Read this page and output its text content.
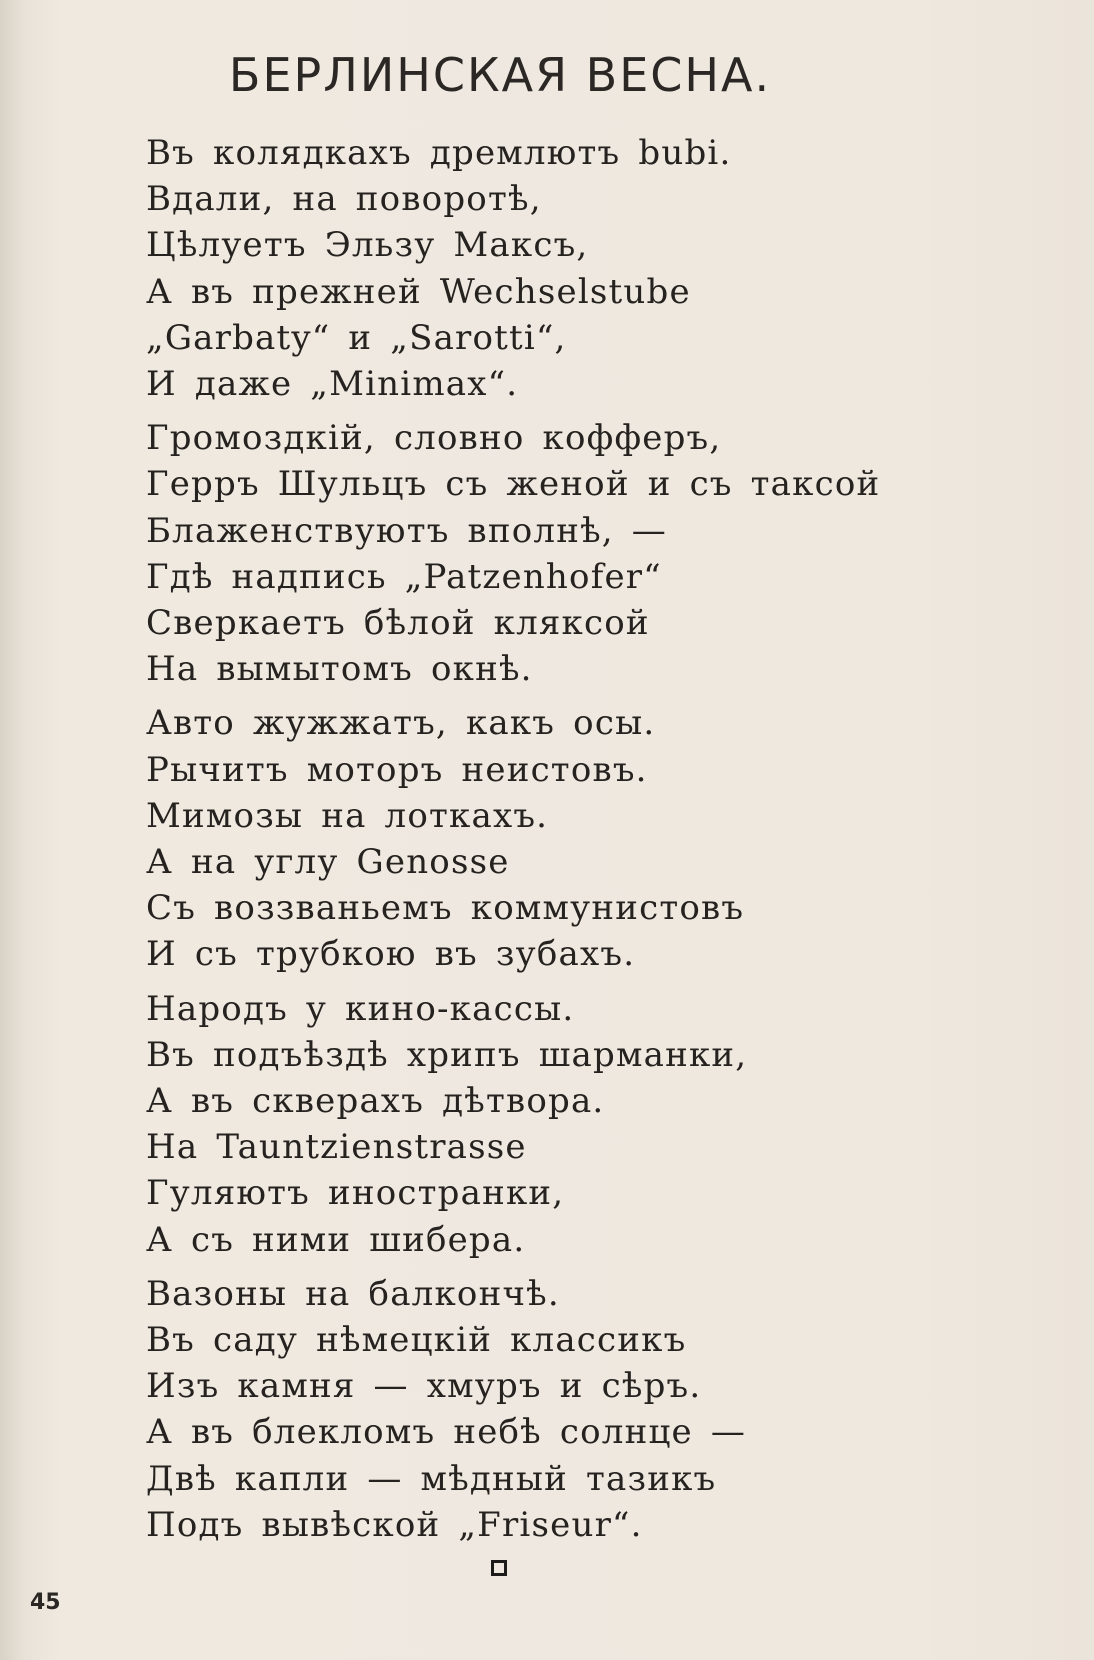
БЕРЛИНСКАЯ ВЕСНА.
Въ колядкахъ дремлютъ bubi.
Вдали, на поворотѣ,
Цѣлуетъ Эльзу Максъ,
А въ прежней Wechselstube
„Garbaty“ и „Sarotti“,
И даже „Minimax“.
Громоздкій, словно кофферъ,
Герръ Шульцъ съ женой и съ таксой
Блаженствуютъ вполнѣ, —
Гдѣ надпись „Patzenhofer“
Сверкаетъ бѣлой кляксой
На вымытомъ окнѣ.
Авто жужжатъ, какъ осы.
Рычитъ моторъ неистовъ.
Мимозы на лоткахъ.
А на углу Genosse
Съ воззваньемъ коммунистовъ
И съ трубкою въ зубахъ.
Народъ у кино-кассы.
Въ подъѣздѣ хрипъ шарманки,
А въ скверахъ дѣтвора.
На Tauntzienstrasse
Гуляютъ иностранки,
А съ ними шибера.
Вазоны на балкончѣ.
Въ саду нѣмецкій классикъ
Изъ камня — хмуръ и сѣръ.
А въ блекломъ небѣ солнце —
Двѣ капли — мѣдный тазикъ
Подъ вывѣской „Friseur“.
45
